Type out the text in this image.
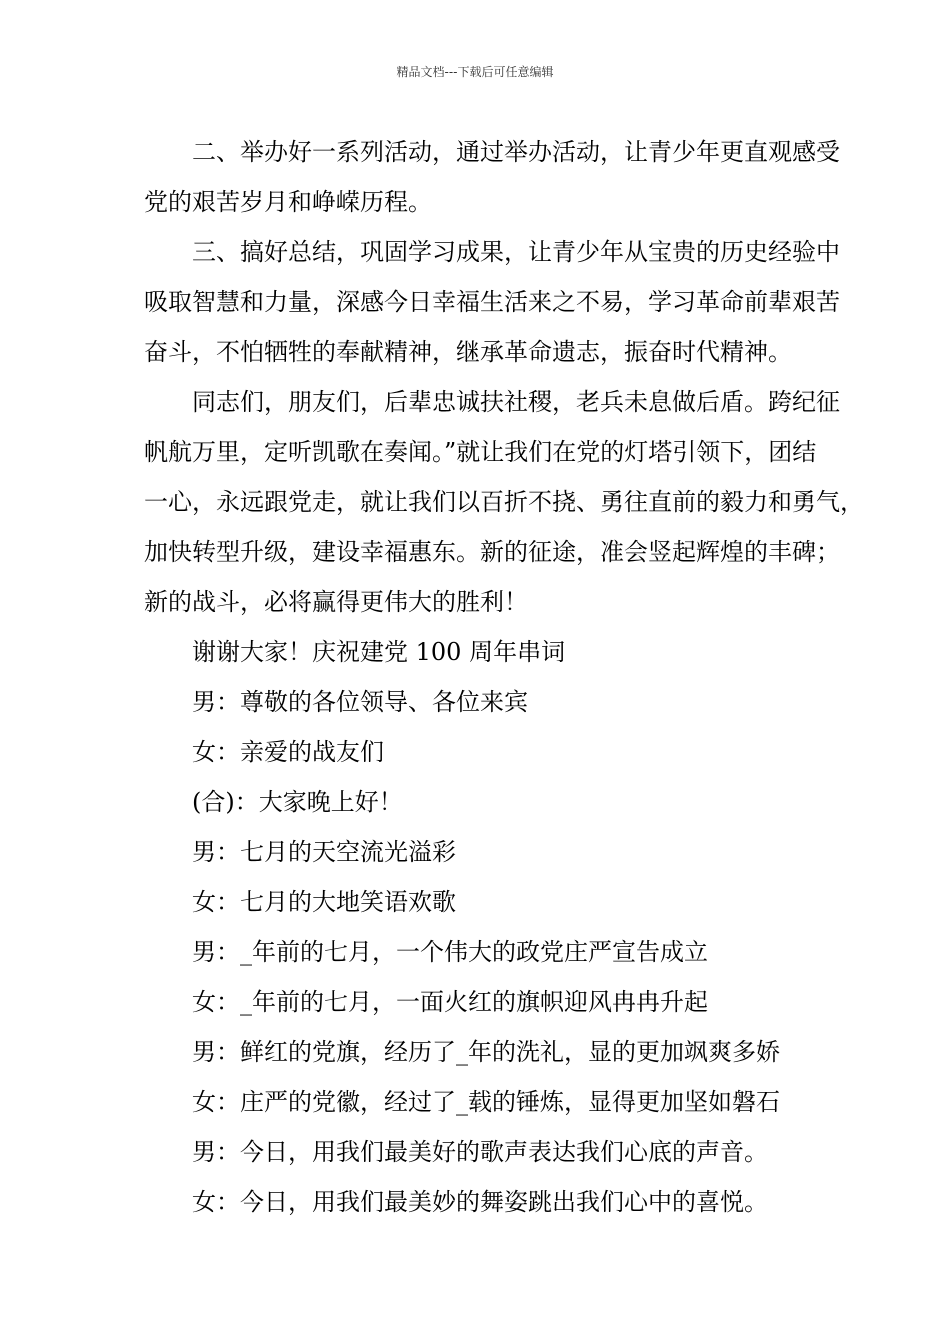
精品文档---下载后可任意编辑
二、举办好一系列活动，通过举办活动，让青少年更直观感受
党的艰苦岁月和峥嵘历程。
三、搞好总结，巩固学习成果，让青少年从宝贵的历史经验中
吸取智慧和力量，深感今日幸福生活来之不易，学习革命前辈艰苦
奋斗，不怕牺牲的奉献精神，继承革命遗志，振奋时代精神。
同志们，朋友们，后辈忠诚扶社稷，老兵未息做后盾。跨纪征
帆航万里，定听凯歌在奏闻。”就让我们在党的灯塔引领下，团结
一心，永远跟党走，就让我们以百折不挠、勇往直前的毅力和勇气，
加快转型升级，建设幸福惠东。新的征途，准会竖起辉煌的丰碑；
新的战斗，必将赢得更伟大的胜利！
谢谢大家！庆祝建党 100 周年串词
男：尊敬的各位领导、各位来宾
女：亲爱的战友们
(合)：大家晚上好！
男：七月的天空流光溢彩
女：七月的大地笑语欢歌
男：_年前的七月，一个伟大的政党庄严宣告成立
女：_年前的七月，一面火红的旗帜迎风冉冉升起
男：鲜红的党旗，经历了_年的洗礼，显的更加飒爽多娇
女：庄严的党徽，经过了_载的锤炼，显得更加坚如磐石
男：今日，用我们最美好的歌声表达我们心底的声音。
女：今日，用我们最美妙的舞姿跳出我们心中的喜悦。
